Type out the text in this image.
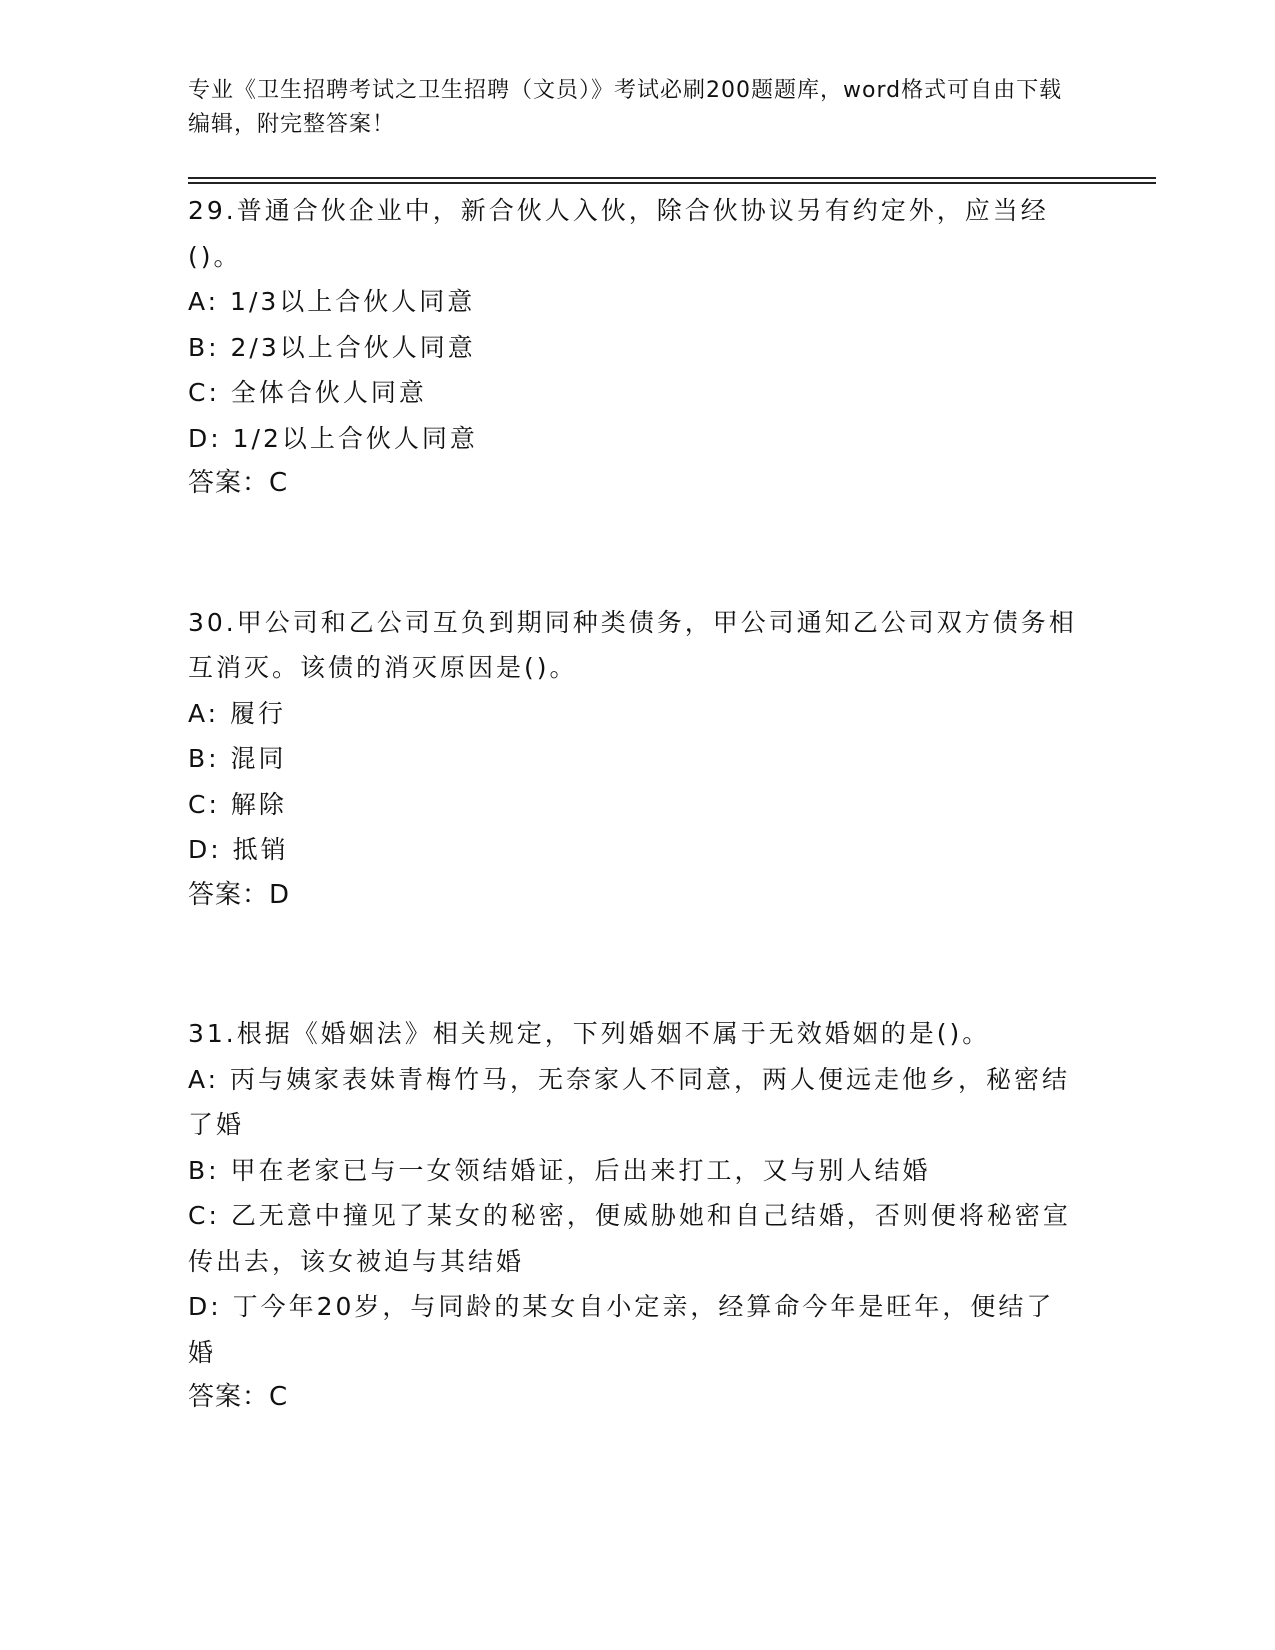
专业《卫生招聘考试之卫生招聘（文员）》考试必刷200题题库，word格式可自由下载编辑，附完整答案！

29.普通合伙企业中，新合伙人入伙，除合伙协议另有约定外，应当经()。

A: 1/3以上合伙人同意

B: 2/3以上合伙人同意

C: 全体合伙人同意

D: 1/2以上合伙人同意

答案：C

30.甲公司和乙公司互负到期同种类债务，甲公司通知乙公司双方债务相互消灭。该债的消灭原因是()。

A: 履行

B: 混同

C: 解除

D: 抵销

答案：D

31.根据《婚姻法》相关规定，下列婚姻不属于无效婚姻的是()。

A: 丙与姨家表妹青梅竹马，无奈家人不同意，两人便远走他乡，秘密结了婚

B: 甲在老家已与一女领结婚证，后出来打工，又与别人结婚

C: 乙无意中撞见了某女的秘密，便威胁她和自己结婚，否则便将秘密宣传出去，该女被迫与其结婚

D: 丁今年20岁，与同龄的某女自小定亲，经算命今年是旺年，便结了婚

答案：C
